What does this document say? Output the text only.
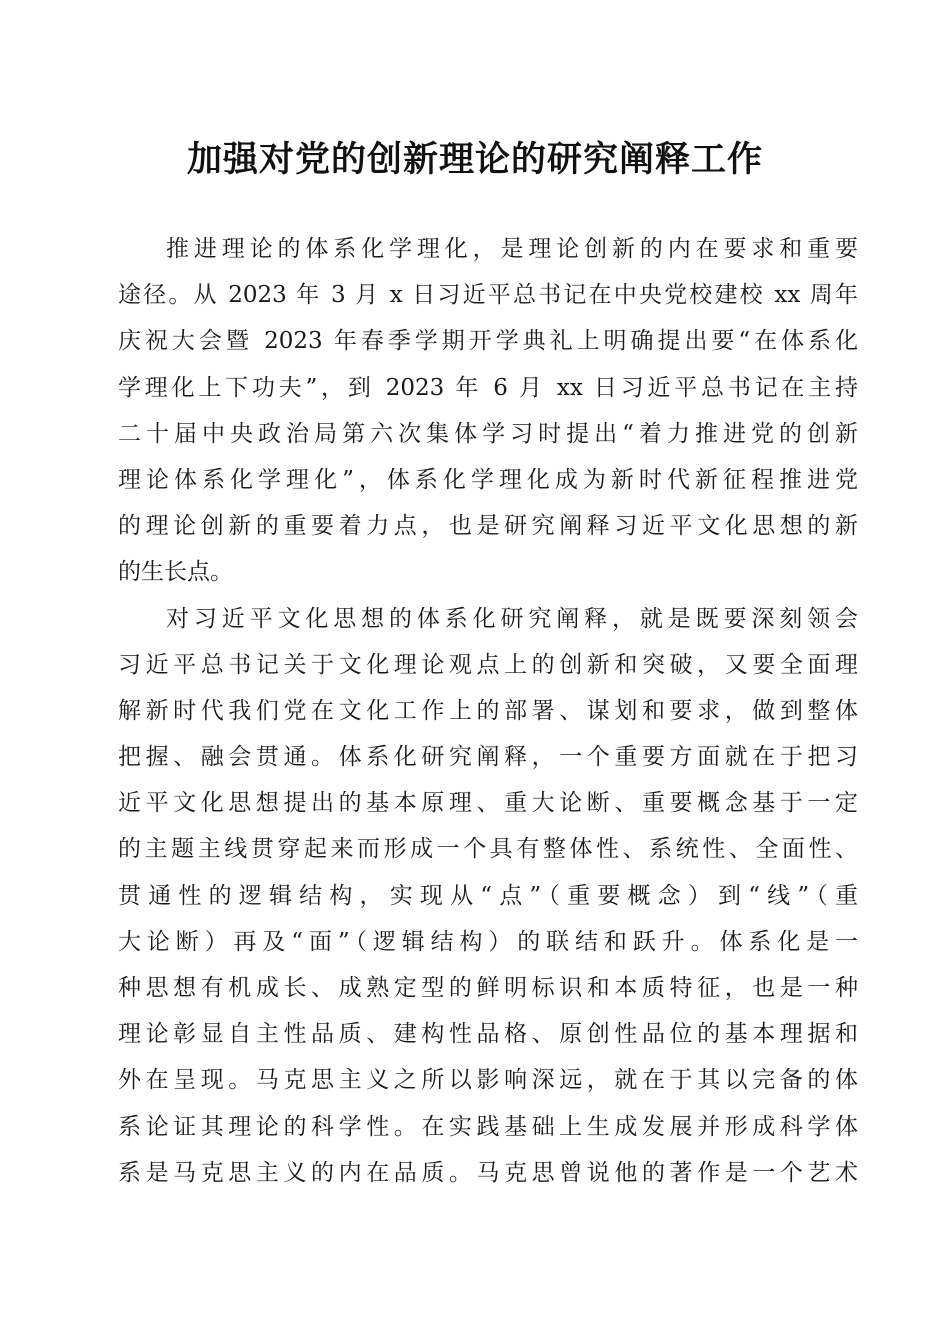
加强对党的创新理论的研究阐释工作
推进理论的体系化学理化，是理论创新的内在要求和重要
途径。从 2023 年 3 月 x 日习近平总书记在中央党校建校 xx 周年
庆祝大会暨 2023 年春季学期开学典礼上明确提出要“在体系化
学理化上下功夫”，到 2023 年 6 月 xx 日习近平总书记在主持
二十届中央政治局第六次集体学习时提出“着力推进党的创新
理论体系化学理化”，体系化学理化成为新时代新征程推进党
的理论创新的重要着力点，也是研究阐释习近平文化思想的新
的生长点。
对习近平文化思想的体系化研究阐释，就是既要深刻领会
习近平总书记关于文化理论观点上的创新和突破，又要全面理
解新时代我们党在文化工作上的部署、谋划和要求，做到整体
把握、融会贯通。体系化研究阐释，一个重要方面就在于把习
近平文化思想提出的基本原理、重大论断、重要概念基于一定
的主题主线贯穿起来而形成一个具有整体性、系统性、全面性、
贯通性的逻辑结构，实现从“点”（重要概念）到“线”（重
大论断）再及“面”（逻辑结构）的联结和跃升。体系化是一
种思想有机成长、成熟定型的鲜明标识和本质特征，也是一种
理论彰显自主性品质、建构性品格、原创性品位的基本理据和
外在呈现。马克思主义之所以影响深远，就在于其以完备的体
系论证其理论的科学性。在实践基础上生成发展并形成科学体
系是马克思主义的内在品质。马克思曾说他的著作是一个艺术
